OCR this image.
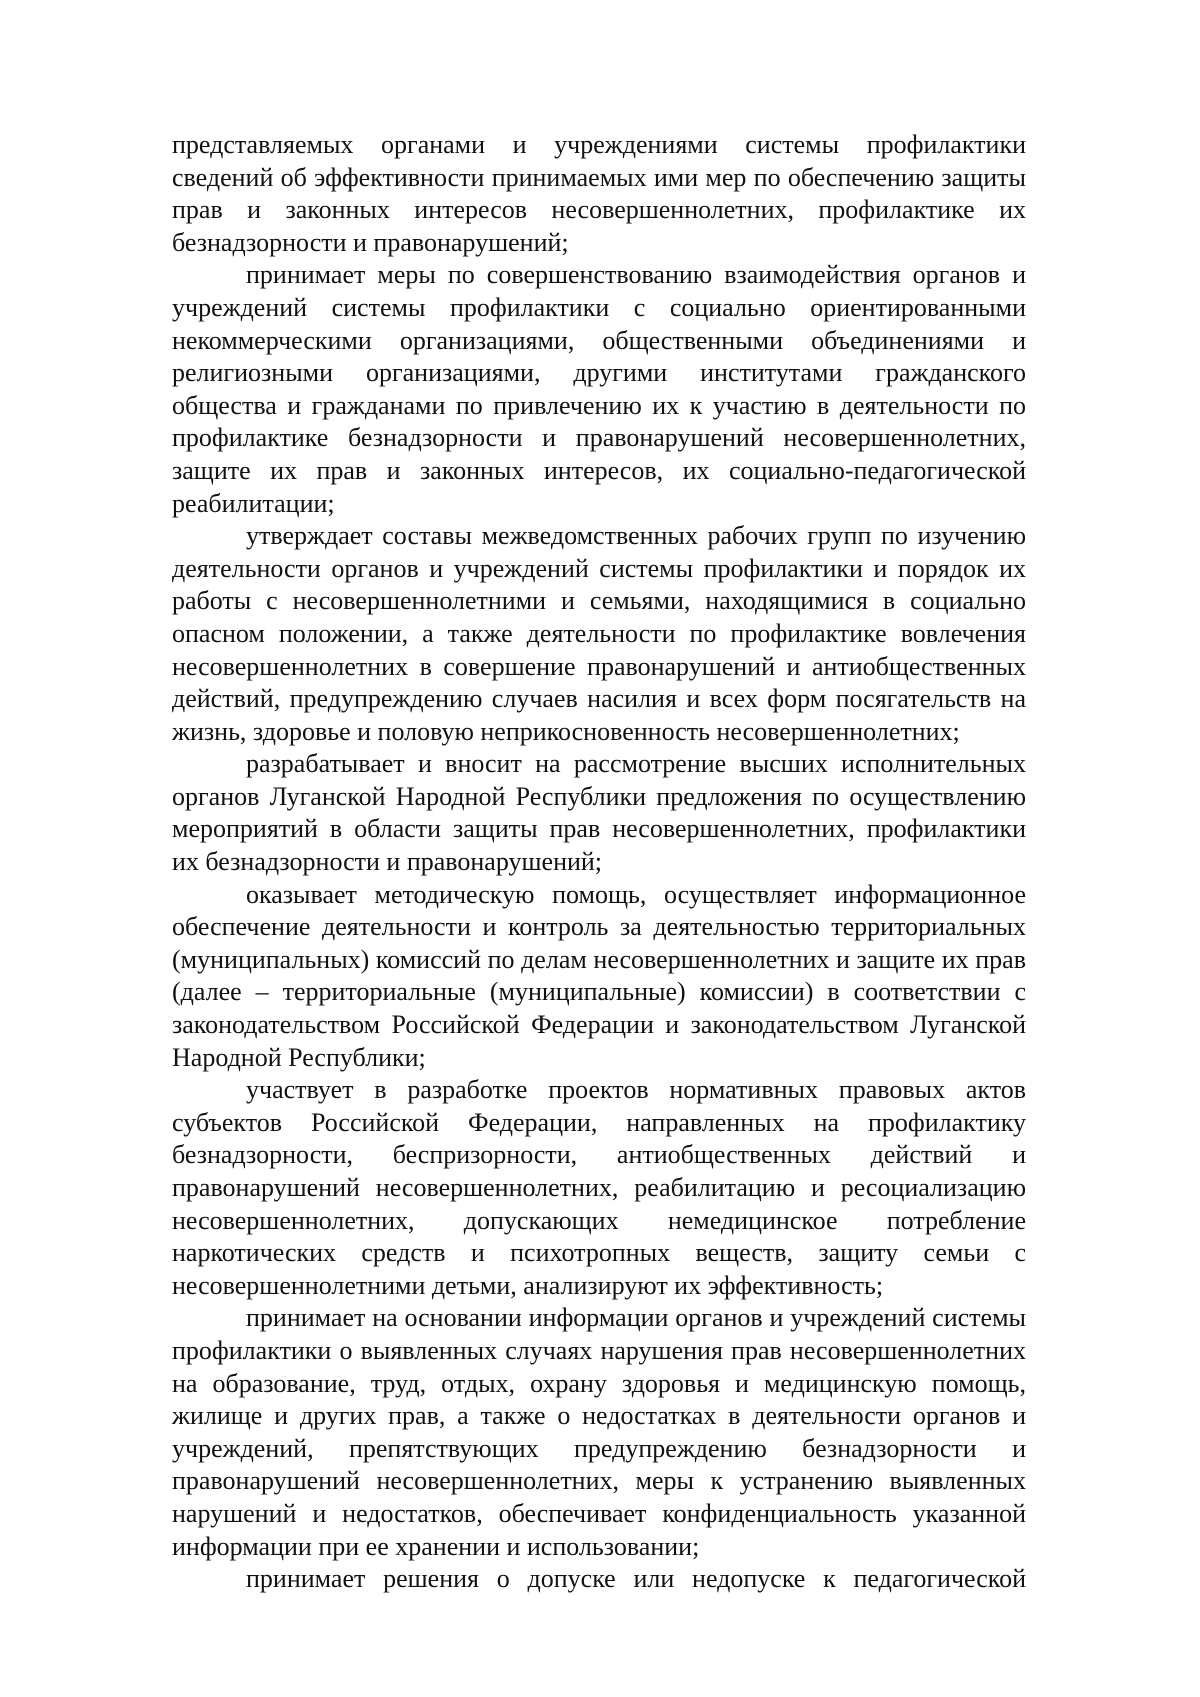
представляемых органами и учреждениями системы профилактики сведений об эффективности принимаемых ими мер по обеспечению защиты прав и законных интересов несовершеннолетних, профилактике их безнадзорности и правонарушений;

принимает меры по совершенствованию взаимодействия органов и учреждений системы профилактики с социально ориентированными некоммерческими организациями, общественными объединениями и религиозными организациями, другими институтами гражданского общества и гражданами по привлечению их к участию в деятельности по профилактике безнадзорности и правонарушений несовершеннолетних, защите их прав и законных интересов, их социально-педагогической реабилитации;

утверждает составы межведомственных рабочих групп по изучению деятельности органов и учреждений системы профилактики и порядок их работы с несовершеннолетними и семьями, находящимися в социально опасном положении, а также деятельности по профилактике вовлечения несовершеннолетних в совершение правонарушений и антиобщественных действий, предупреждению случаев насилия и всех форм посягательств на жизнь, здоровье и половую неприкосновенность несовершеннолетних;

разрабатывает и вносит на рассмотрение высших исполнительных органов Луганской Народной Республики предложения по осуществлению мероприятий в области защиты прав несовершеннолетних, профилактики их безнадзорности и правонарушений;

оказывает методическую помощь, осуществляет информационное обеспечение деятельности и контроль за деятельностью территориальных (муниципальных) комиссий по делам несовершеннолетних и защите их прав (далее – территориальные (муниципальные) комиссии) в соответствии с законодательством Российской Федерации и законодательством Луганской Народной Республики;

участвует в разработке проектов нормативных правовых актов субъектов Российской Федерации, направленных на профилактику безнадзорности, беспризорности, антиобщественных действий и правонарушений несовершеннолетних, реабилитацию и ресоциализацию несовершеннолетних, допускающих немедицинское потребление наркотических средств и психотропных веществ, защиту семьи с несовершеннолетними детьми, анализируют их эффективность;

принимает на основании информации органов и учреждений системы профилактики о выявленных случаях нарушения прав несовершеннолетних на образование, труд, отдых, охрану здоровья и медицинскую помощь, жилище и других прав, а также о недостатках в деятельности органов и учреждений, препятствующих предупреждению безнадзорности и правонарушений несовершеннолетних, меры к устранению выявленных нарушений и недостатков, обеспечивает конфиденциальность указанной информации при ее хранении и использовании;

принимает решения о допуске или недопуске к педагогической
